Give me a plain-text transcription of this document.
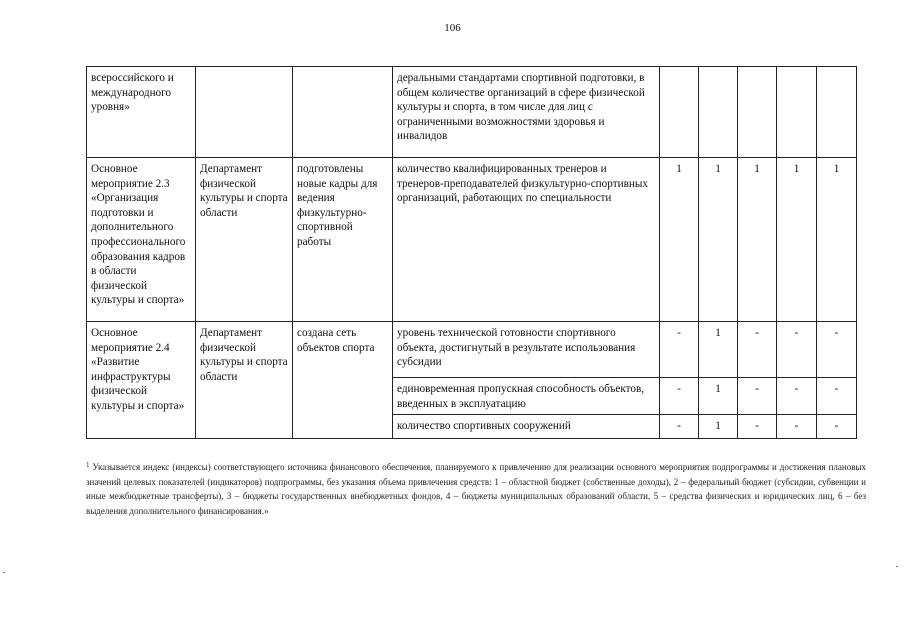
106
всероссийского и международного уровня»			деральными стандартами спортивной подготовки, в общем количестве организаций в сфере физической культуры и спорта, в том числе для лиц с ограниченными возможностями здоровья и инвалидов					
Основное мероприятие 2.3 «Организация подготовки и дополнительного профессионального образования кадров в области физической культуры и спорта»	Департамент физической культуры и спорта области	подготовлены новые кадры для ведения физкультурно-спортивной работы	количество квалифицированных тренеров и тренеров-преподавателей физкультурно-спортивных организаций, работающих по специальности	1	1	1	1	1
Основное мероприятие 2.4 «Развитие инфраструктуры физической культуры и спорта»	Департамент физической культуры и спорта области	создана сеть объектов спорта	уровень технической готовности спортивного объекта, достигнутый в результате использования субсидии	-	1	-	-	-
			единовременная пропускная способность объектов, введенных в эксплуатацию	-	1	-	-	-
			количество спортивных сооружений	-	1	-	-	-
$^1$ Указывается индекс (индексы) соответствующего источника финансового обеспечения, планируемого к привлечению для реализации основного мероприятия подпрограммы и достижения плановых значений целевых показателей (индикаторов) подпрограммы, без указания объема привлечения средств: 1 – областной бюджет (собственные доходы), 2 – федеральный бюджет (субсидии, субвенции и иные межбюджетные трансферты), 3 – бюджеты государственных внебюджетных фондов, 4 – бюджеты муниципальных образований области, 5 – средства физических и юридических лиц, 6 – без выделения дополнительного финансирования.»
